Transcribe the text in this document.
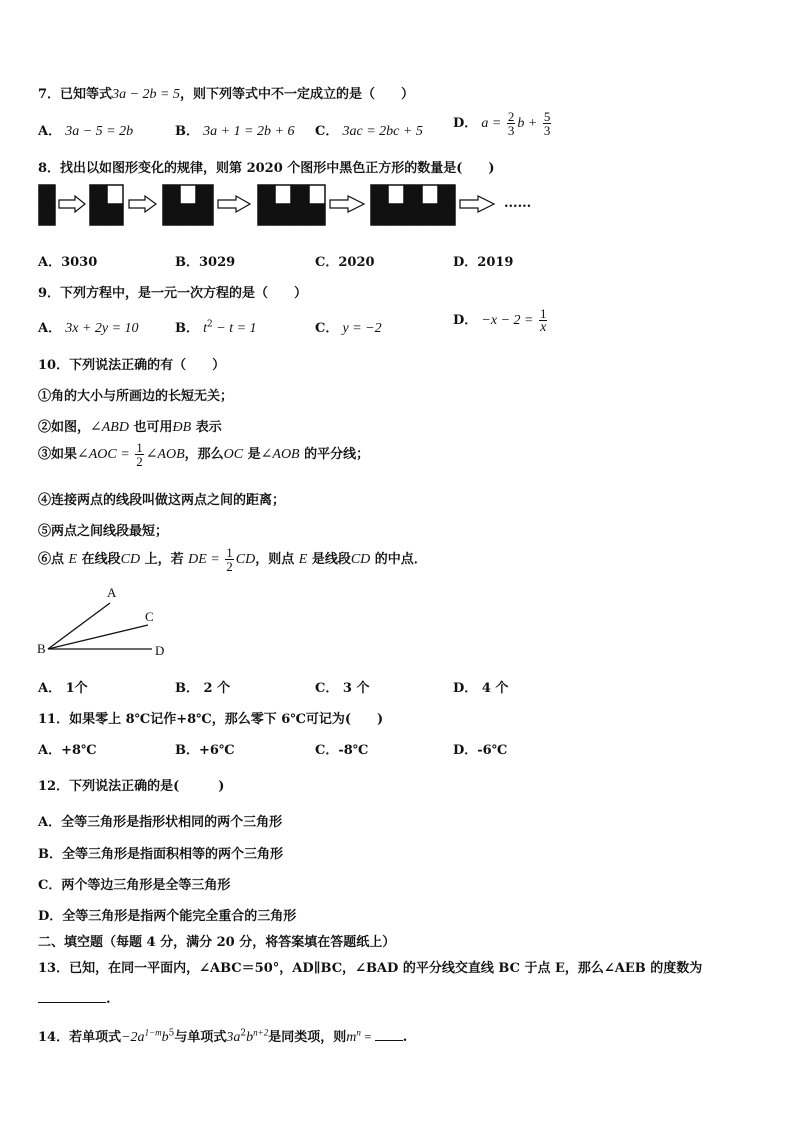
7．已知等式3a − 2b = 5，则下列等式中不一定成立的是（　　）
A． 3a − 5 = 2b	B． 3a + 1 = 2b + 6 C． 3ac = 2bc + 5
D． $a = \frac{2}{3}$ $b + \frac{5}{3}$
8．找出以如图形变化的规律，则第 2020 个图形中黑色正方形的数量是(　　)
......
A．3030	B．3029	C．2020	D．2019
9．下列方程中，是一元一次方程的是（　　）
A． 3x + 2y = 10	B． $t^2 - t = 1$	C． y = −2
D． $-x - 2 = \frac{1}{x}$
10．下列说法正确的有（　　）
①角的大小与所画边的长短无关；
②如图，∠ABD 也可用ÐB 表示
③如果∠AOC = $\frac{1}{2}$ ∠AOB，那么OC 是∠AOB 的平分线；
④连接两点的线段叫做这两点之间的距离；
⑤两点之间线段最短；
⑥点 E 在线段CD 上，若 DE = $\frac{1}{2}$ CD，则点 E 是线段CD 的中点．
A
C
B	D
A． 1个	B． 2 个	C． 3 个	D． 4 个
11．如果零上 8℃记作+8℃，那么零下 6℃可记为(　　)
A．+8℃	B．+6℃	C．-8℃	D．-6℃
12．下列说法正确的是(　　　)
A．全等三角形是指形状相同的两个三角形
B．全等三角形是指面积相等的两个三角形
C．两个等边三角形是全等三角形
D．全等三角形是指两个能完全重合的三角形
二、填空题（每题 4 分，满分 20 分，将答案填在答题纸上）
13．已知，在同一平面内，∠ABC＝50°，AD∥BC，∠BAD 的平分线交直线 BC 于点 E，那么∠AEB 的度数为
.
14．若单项式$-2a^{1-m}b^5$与单项式$3a^2b^{n+2}$是同类项，则$m^n$ = .
